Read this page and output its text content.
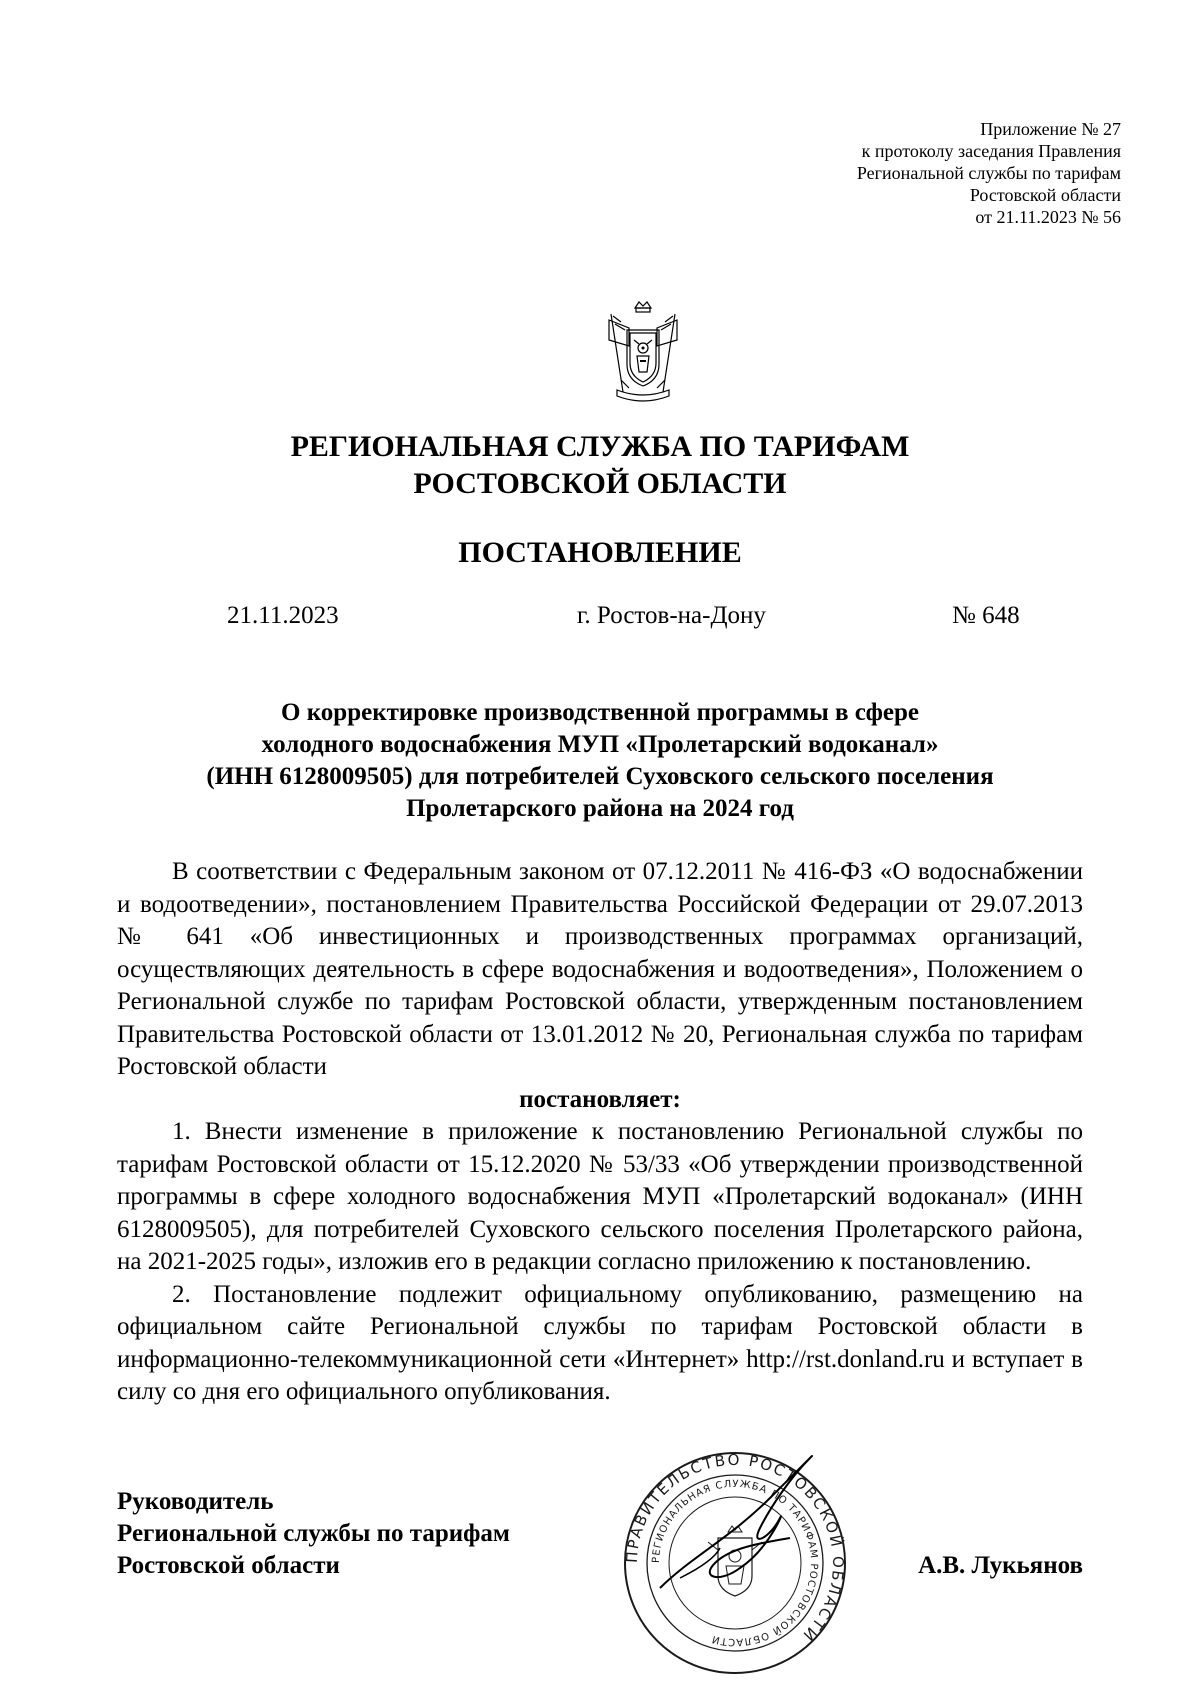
Приложение № 27
к протоколу заседания Правления
Региональной службы по тарифам
Ростовской области
от 21.11.2023 № 56
РЕГИОНАЛЬНАЯ СЛУЖБА ПО ТАРИФАМ
РОСТОВСКОЙ ОБЛАСТИ
ПОСТАНОВЛЕНИЕ
21.11.2023	г. Ростов-на-Дону	№ 648
О корректировке производственной программы в сфере
холодного водоснабжения МУП «Пролетарский водоканал»
(ИНН 6128009505) для потребителей Суховского сельского поселения
Пролетарского района на 2024 год

В соответствии с Федеральным законом от 07.12.2011 № 416-ФЗ «О водоснабжении и водоотведении», постановлением Правительства Российской Федерации от 29.07.2013 № 641 «Об инвестиционных и производственных программах организаций, осуществляющих деятельность в сфере водоснабжения и водоотведения», Положением о Региональной службе по тарифам Ростовской области, утвержденным постановлением Правительства Ростовской области от 13.01.2012 № 20, Региональная служба по тарифам Ростовской области

постановляет:

1. Внести изменение в приложение к постановлению Региональной службы по тарифам Ростовской области от 15.12.2020 № 53/33 «Об утверждении производственной программы в сфере холодного водоснабжения МУП «Пролетарский водоканал» (ИНН 6128009505), для потребителей Суховского сельского поселения Пролетарского района, на 2021-2025 годы», изложив его в редакции согласно приложению к постановлению.

2. Постановление подлежит официальному опубликованию, размещению на официальном сайте Региональной службы по тарифам Ростовской области в информационно-телекоммуникационной сети «Интернет» http://rst.donland.ru и вступает в силу со дня его официального опубликования.

Руководитель
Региональной службы по тарифам
Ростовской области	ПРАВИТЕЛЬСТВО РОСТОВСКОЙ ОБЛАСТИ
РЕГИОНАЛЬНАЯ СЛУЖБА ПО ТАРИФАМ РОСТОВСКОЙ ОБЛАСТИ
А.В. Лукьянов
